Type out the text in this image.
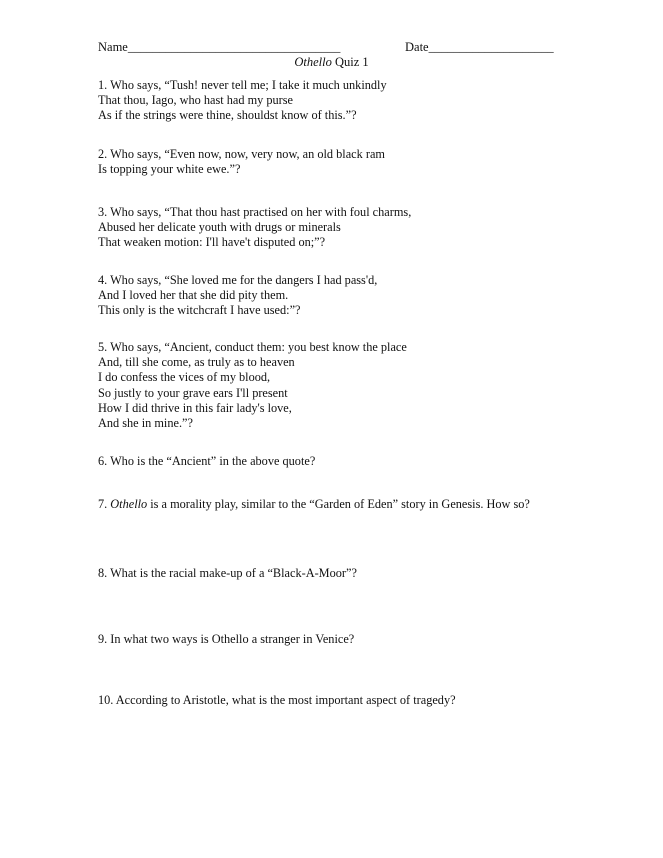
Name__________________________________	Date____________________
Othello Quiz 1
1. Who says, “Tush! never tell me; I take it much unkindly
That thou, Iago, who hast had my purse
As if the strings were thine, shouldst know of this.”?
2. Who says, “Even now, now, very now, an old black ram
Is topping your white ewe.”?
3. Who says, “That thou hast practised on her with foul charms,
Abused her delicate youth with drugs or minerals
That weaken motion: I'll have't disputed on;”?
4. Who says, “She loved me for the dangers I had pass'd,
And I loved her that she did pity them.
This only is the witchcraft I have used:”?
5. Who says, “Ancient, conduct them: you best know the place
And, till she come, as truly as to heaven
I do confess the vices of my blood,
So justly to your grave ears I'll present
How I did thrive in this fair lady's love,
And she in mine.”?
6. Who is the “Ancient” in the above quote?
7. Othello is a morality play, similar to the “Garden of Eden” story in Genesis. How so?
8. What is the racial make-up of a “Black-A-Moor”?
9. In what two ways is Othello a stranger in Venice?
10. According to Aristotle, what is the most important aspect of tragedy?
